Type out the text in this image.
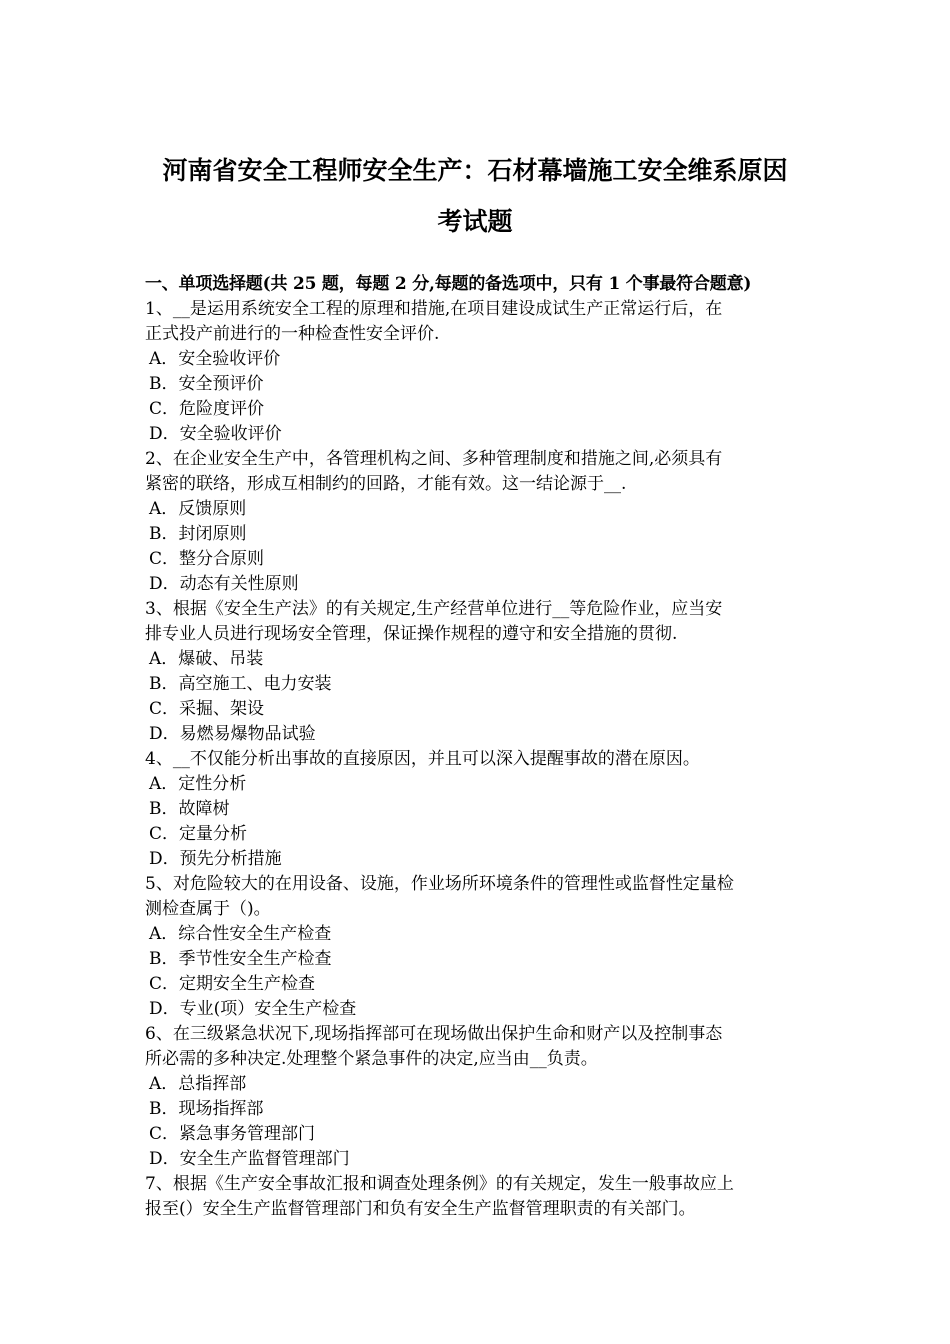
河南省安全工程师安全生产：石材幕墙施工安全维系原因
考试题
一、单项选择题(共 25 题，每题 2 分,每题的备选项中，只有 1 个事最符合题意)
1、__是运用系统安全工程的原理和措施,在项目建设成试生产正常运行后，在
正式投产前进行的一种检查性安全评价.
A．安全验收评价
B．安全预评价
C．危险度评价
D．安全验收评价
2、在企业安全生产中，各管理机构之间、多种管理制度和措施之间,必须具有
紧密的联络，形成互相制约的回路，才能有效。这一结论源于__.
A．反馈原则
B．封闭原则
C．整分合原则
D．动态有关性原则
3、根据《安全生产法》的有关规定,生产经营单位进行__等危险作业，应当安
排专业人员进行现场安全管理，保证操作规程的遵守和安全措施的贯彻.
A．爆破、吊装
B．高空施工、电力安装
C．采掘、架设
D．易燃易爆物品试验
4、__不仅能分析出事故的直接原因，并且可以深入提醒事故的潜在原因。
A．定性分析
B．故障树
C．定量分析
D．预先分析措施
5、对危险较大的在用设备、设施，作业场所环境条件的管理性或监督性定量检
测检查属于（)。
A．综合性安全生产检查
B．季节性安全生产检查
C．定期安全生产检查
D．专业(项）安全生产检查
6、在三级紧急状况下,现场指挥部可在现场做出保护生命和财产以及控制事态
所必需的多种决定.处理整个紧急事件的决定,应当由__负责。
A．总指挥部
B．现场指挥部
C．紧急事务管理部门
D．安全生产监督管理部门
7、根据《生产安全事故汇报和调查处理条例》的有关规定，发生一般事故应上
报至(）安全生产监督管理部门和负有安全生产监督管理职责的有关部门。
